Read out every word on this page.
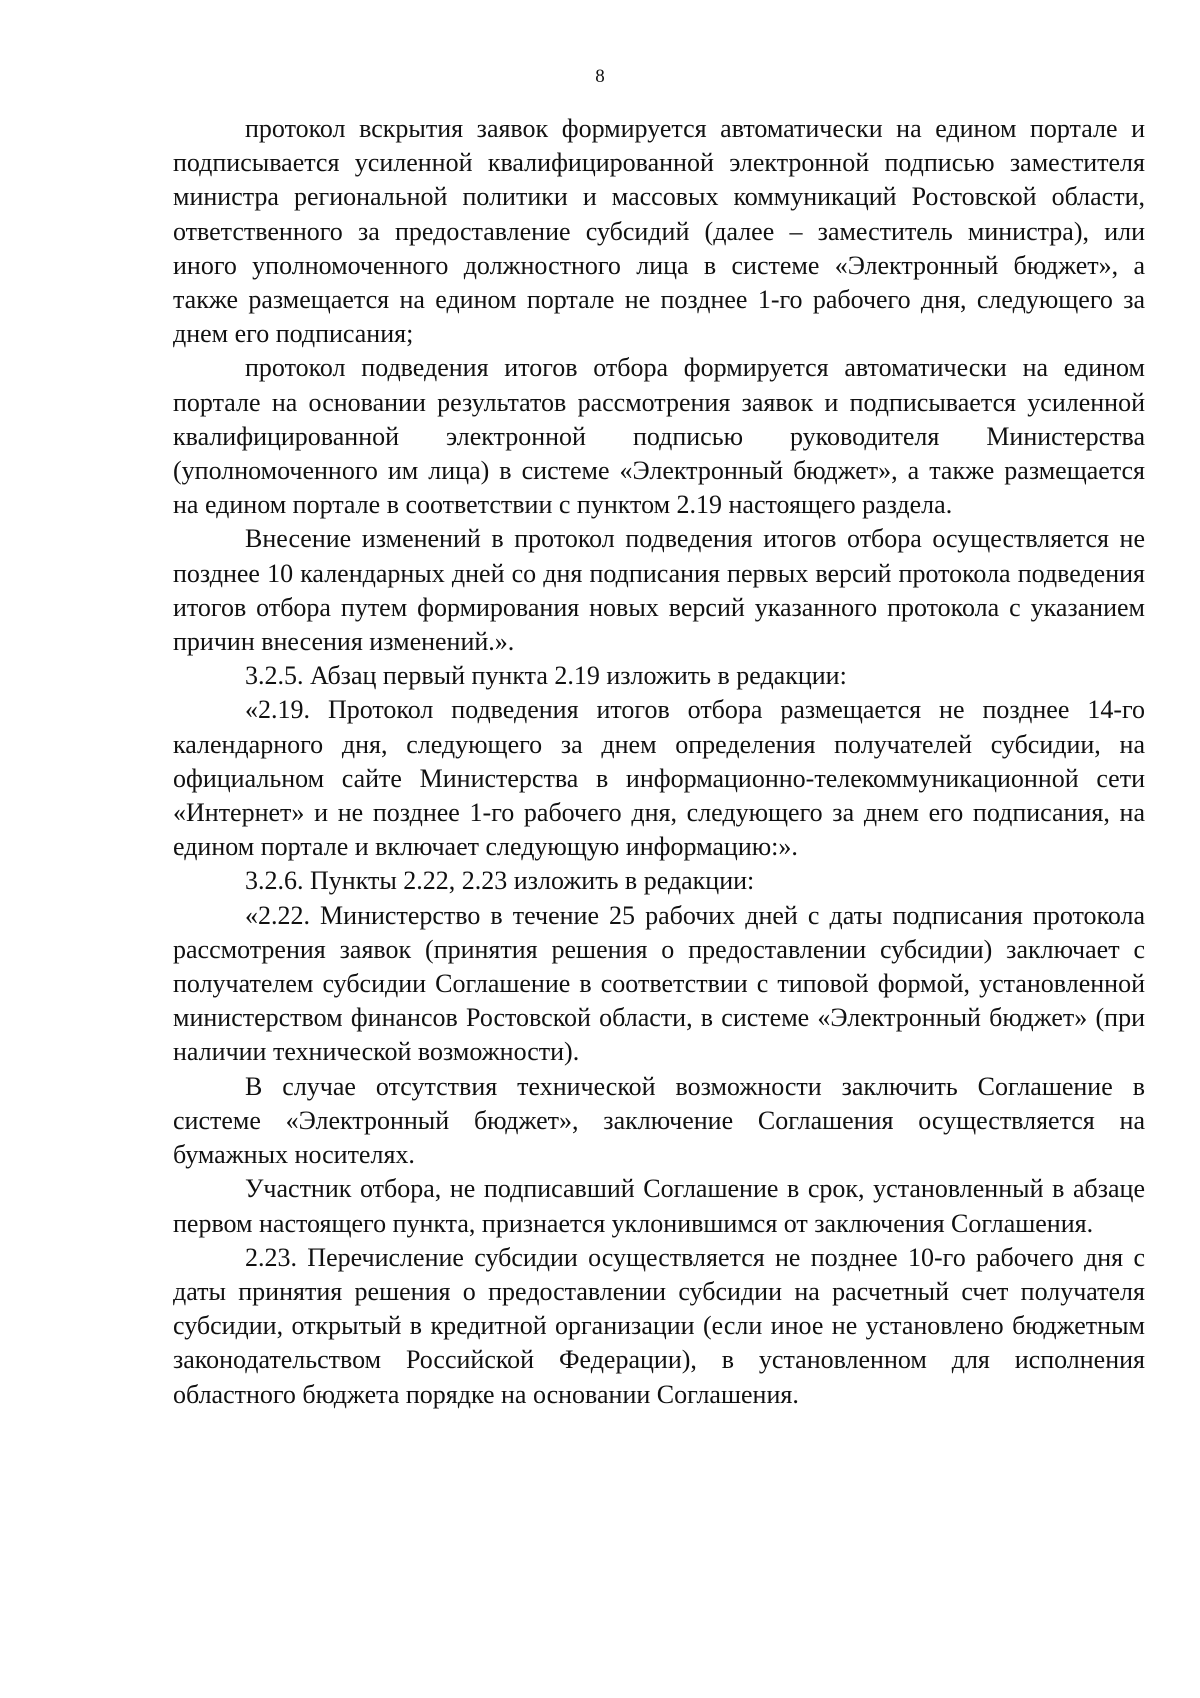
8

протокол вскрытия заявок формируется автоматически на едином портале и подписывается усиленной квалифицированной электронной подписью заместителя министра региональной политики и массовых коммуникаций Ростовской области, ответственного за предоставление субсидий (далее – заместитель министра), или иного уполномоченного должностного лица в системе «Электронный бюджет», а также размещается на едином портале не позднее 1-го рабочего дня, следующего за днем его подписания;

протокол подведения итогов отбора формируется автоматически на едином портале на основании результатов рассмотрения заявок и подписывается усиленной квалифицированной электронной подписью руководителя Министерства (уполномоченного им лица) в системе «Электронный бюджет», а также размещается на едином портале в соответствии с пунктом 2.19 настоящего раздела.

Внесение изменений в протокол подведения итогов отбора осуществляется не позднее 10 календарных дней со дня подписания первых версий протокола подведения итогов отбора путем формирования новых версий указанного протокола с указанием причин внесения изменений.».

3.2.5. Абзац первый пункта 2.19 изложить в редакции:

«2.19. Протокол подведения итогов отбора размещается не позднее 14-го календарного дня, следующего за днем определения получателей субсидии, на официальном сайте Министерства в информационно-телекоммуникационной сети «Интернет» и не позднее 1-го рабочего дня, следующего за днем его подписания, на едином портале и включает следующую информацию:».

3.2.6. Пункты 2.22, 2.23 изложить в редакции:

«2.22. Министерство в течение 25 рабочих дней с даты подписания протокола рассмотрения заявок (принятия решения о предоставлении субсидии) заключает с получателем субсидии Соглашение в соответствии с типовой формой, установленной министерством финансов Ростовской области, в системе «Электронный бюджет» (при наличии технической возможности).

В случае отсутствия технической возможности заключить Соглашение в системе «Электронный бюджет», заключение Соглашения осуществляется на бумажных носителях.

Участник отбора, не подписавший Соглашение в срок, установленный в абзаце первом настоящего пункта, признается уклонившимся от заключения Соглашения.

2.23. Перечисление субсидии осуществляется не позднее 10-го рабочего дня с даты принятия решения о предоставлении субсидии на расчетный счет получателя субсидии, открытый в кредитной организации (если иное не установлено бюджетным законодательством Российской Федерации), в установленном для исполнения областного бюджета порядке на основании Соглашения.
